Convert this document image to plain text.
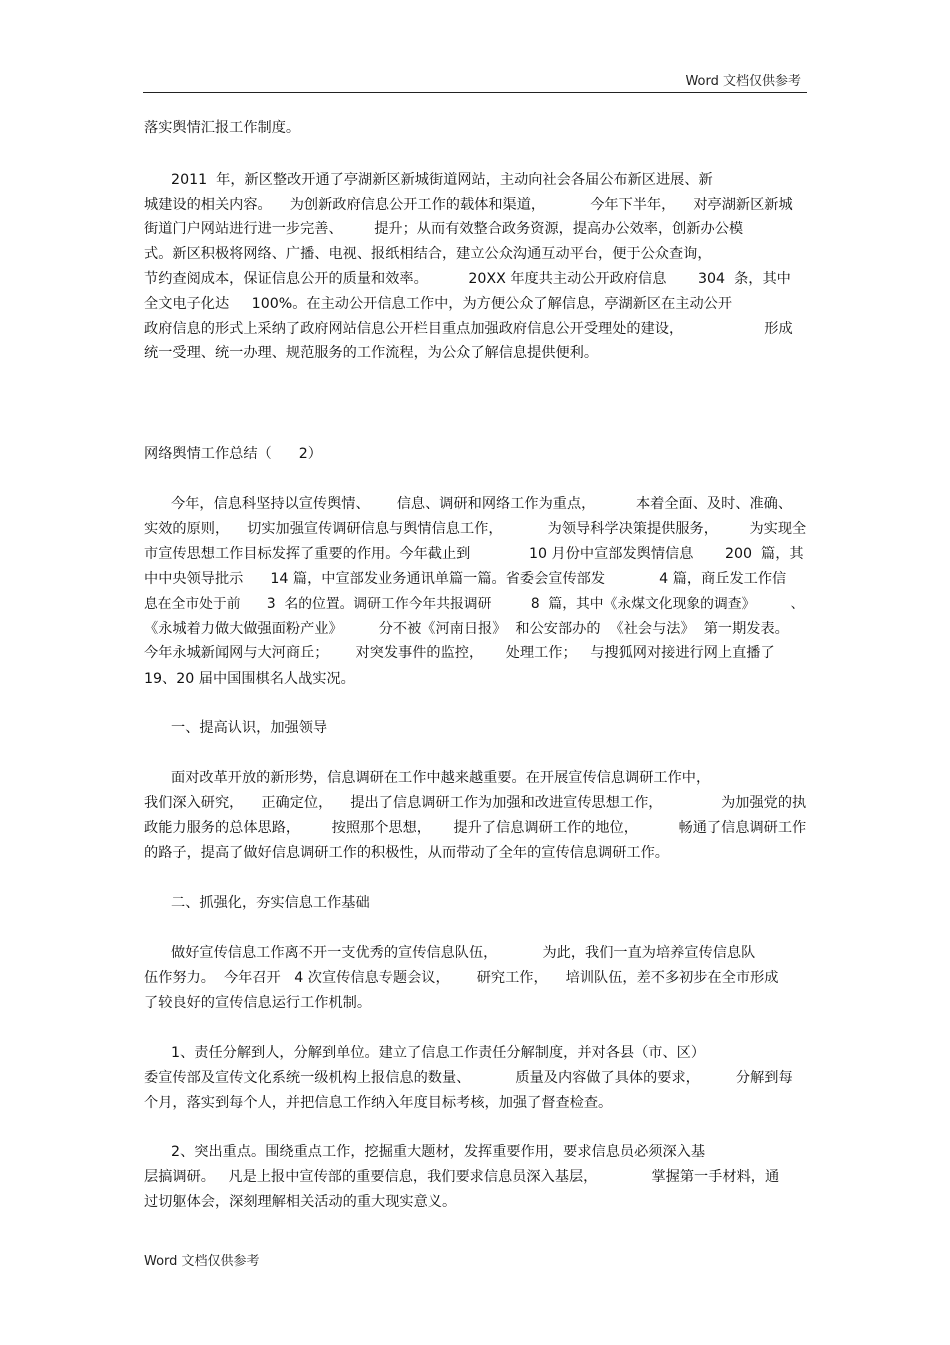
Word 文档仅供参考
落实舆情汇报工作制度。
2011  年，新区整改开通了亭湖新区新城街道网站，主动向社会各届公布新区进展、新
城建设的相关内容。    为创新政府信息公开工作的载体和渠道，          今年下半年，    对亭湖新区新城
街道门户网站进行进一步完善、       提升；从而有效整合政务资源，提高办公效率，创新办公模
式。新区积极将网络、广播、电视、报纸相结合，建立公众沟通互动平台，便于公众查询，
节约查阅成本，保证信息公开的质量和效率。         20XX 年度共主动公开政府信息       304  条，其中
全文电子化达     100%。在主动公开信息工作中，为方便公众了解信息，亭湖新区在主动公开
政府信息的形式上采纳了政府网站信息公开栏目重点加强政府信息公开受理处的建设，                  形成
统一受理、统一办理、规范服务的工作流程，为公众了解信息提供便利。
网络舆情工作总结（      2）
今年，信息科坚持以宣传舆情、      信息、调研和网络工作为重点，         本着全面、及时、准确、
实效的原则，    切实加强宣传调研信息与舆情信息工作，          为领导科学决策提供服务，       为实现全
市宣传思想工作目标发挥了重要的作用。今年截止到             10 月份中宣部发舆情信息       200  篇，其
中中央领导批示      14 篇，中宣部发业务通讯单篇一篇。省委会宣传部发            4 篇，商丘发工作信
息在全市处于前      3  名的位置。调研工作今年共报调研         8  篇，其中《永煤文化现象的调查》        、
《永城着力做大做强面粉产业》        分不被《河南日报》  和公安部办的  《社会与法》  第一期发表。
今年永城新闻网与大河商丘；      对突发事件的监控，     处理工作；   与搜狐网对接进行网上直播了
19、20 届中国围棋名人战实况。
一、提高认识，加强领导
面对改革开放的新形势，信息调研在工作中越来越重要。在开展宣传信息调研工作中，
我们深入研究，    正确定位，    提出了信息调研工作为加强和改进宣传思想工作，             为加强党的执
政能力服务的总体思路，       按照那个思想，     提升了信息调研工作的地位，         畅通了信息调研工作
的路子，提高了做好信息调研工作的积极性，从而带动了全年的宣传信息调研工作。
二、抓强化，夯实信息工作基础
做好宣传信息工作离不开一支优秀的宣传信息队伍，          为此，我们一直为培养宣传信息队
伍作努力。  今年召开   4 次宣传信息专题会议，      研究工作，    培训队伍，差不多初步在全市形成
了较良好的宣传信息运行工作机制。
1、责任分解到人，分解到单位。建立了信息工作责任分解制度，并对各县（市、区）
委宣传部及宣传文化系统一级机构上报信息的数量、          质量及内容做了具体的要求，        分解到每
个月，落实到每个人，并把信息工作纳入年度目标考核，加强了督查检查。
2、突出重点。围绕重点工作，挖掘重大题材，发挥重要作用，要求信息员必须深入基
层搞调研。   凡是上报中宣传部的重要信息，我们要求信息员深入基层，            掌握第一手材料，通
过切躯体会，深刻理解相关活动的重大现实意义。
Word 文档仅供参考
